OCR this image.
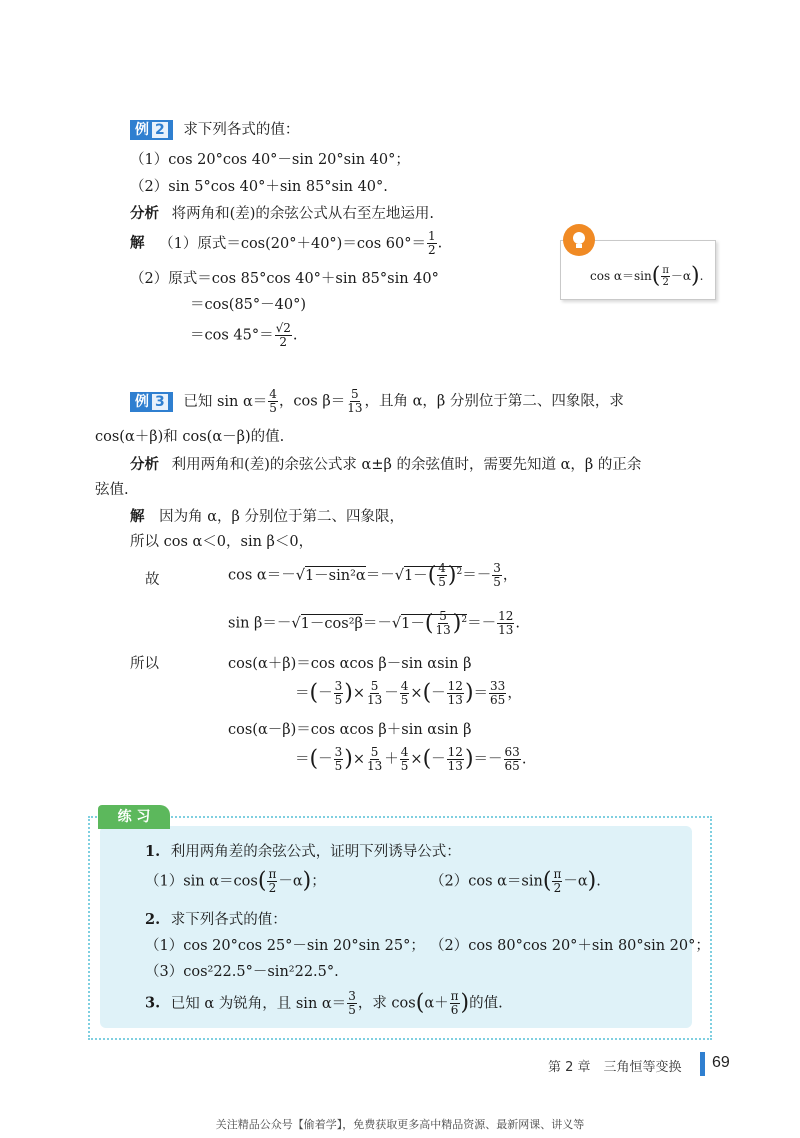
例 2 求下列各式的值：
（1）cos 20°cos 40°－sin 20°sin 40°；
（2）sin 5°cos 40°＋sin 85°sin 40°.
分析 将两角和(差)的余弦公式从右至左地运用.
解 （1）原式＝cos(20°＋40°)＝cos $60^\circ= \frac{1}{2}$ .
（2）原式＝cos 85°cos 40°＋sin 85°sin 40°
＝cos(85°－40°)
＝cos $45^\circ= \frac{√2}{2}$ .
$\cos \alpha=\sin( \frac{\pi}{2} -\alpha)$.
例 3 已知 $\sin \alpha= \frac{4}{5}$ ，$\cos \beta= \frac{5}{13}$ ，且角 α，β 分别位于第二、四象限，求
cos(α＋β)和 cos(α－β)的值.
分析 利用两角和(差)的余弦公式求 α±β 的余弦值时，需要先知道 α，β 的正余
弦值.
解 因为角 α，β 分别位于第二、四象限，
所以 cos α＜0，sin β＜0，
故	$\cos \alpha=-√1-\sin^2\alpha=-√1-( \frac{4}{5} )^2=- \frac{3}{5}$ ，
$\sin \beta=-√1-\cos^2\beta=-√1-( \frac{5}{13} )^2=- \frac{12}{13}$ .
所以	cos(α＋β)＝cos αcos β－sin αsin β
＝(－ $\frac{3}{5}$ )× $\frac{5}{13} - \frac{4}{5}$ ×(－ $\frac{12}{13}$ )＝ $\frac{33}{65}$ ，
cos(α－β)＝cos αcos β＋sin αsin β
＝(－ $\frac{3}{5}$ )× $\frac{5}{13} + \frac{4}{5}$ ×(－ $\frac{12}{13}$ )＝－ $\frac{63}{65}$ .
练 习
1. 利用两角差的余弦公式，证明下列诱导公式：
（1）sin $\alpha=\cos( \frac{\pi}{2} -\alpha)$；	（2）cos $\alpha=\sin( \frac{\pi}{2} -\alpha)$.
2. 求下列各式的值：
（1）cos 20°cos 25°－sin 20°sin 25°； （2）cos 80°cos 20°＋sin 80°sin 20°；
（3）cos²22.5°－sin²22.5°.
3. 已知 α 为锐角，且 $\sin \alpha= \frac{3}{5}$ ，求 $\cos(\alpha+ \frac{\pi}{6}$ )的值.
第 2 章　三角恒等变换 69
关注精品公众号【偷着学】，免费获取更多高中精品资源、最新网课、讲义等
